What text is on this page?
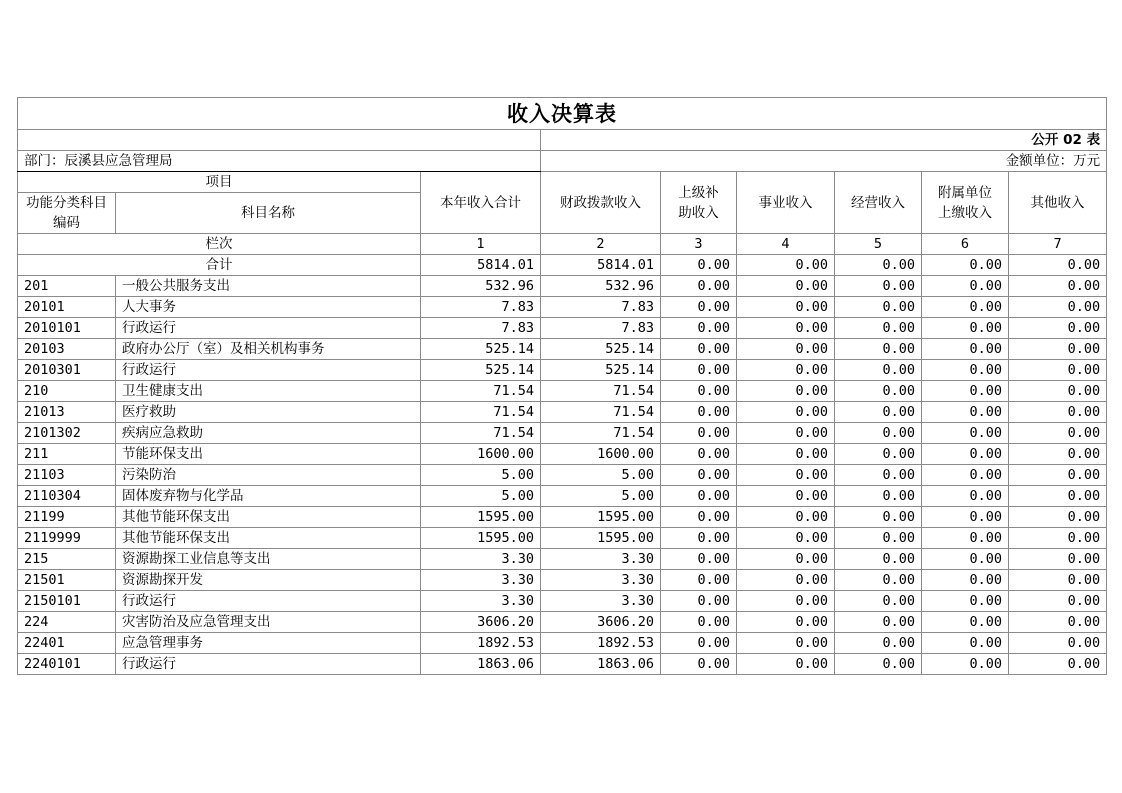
收入决算表								
			公开 02 表					
部门：辰溪县应急管理局			金额单位：万元					
项目		本年收入合计	财政拨款收入	上级补助收入	事业收入	经营收入	附属单位上缴收入	其他收入
功能分类科目编码	科目名称							
栏次		1	2	3	4	5	6	7
合计		5814.01	5814.01	0.00	0.00	0.00	0.00	0.00
201	一般公共服务支出	532.96	532.96	0.00	0.00	0.00	0.00	0.00
20101	人大事务	7.83	7.83	0.00	0.00	0.00	0.00	0.00
2010101	行政运行	7.83	7.83	0.00	0.00	0.00	0.00	0.00
20103	政府办公厅（室）及相关机构事务	525.14	525.14	0.00	0.00	0.00	0.00	0.00
2010301	行政运行	525.14	525.14	0.00	0.00	0.00	0.00	0.00
210	卫生健康支出	71.54	71.54	0.00	0.00	0.00	0.00	0.00
21013	医疗救助	71.54	71.54	0.00	0.00	0.00	0.00	0.00
2101302	疾病应急救助	71.54	71.54	0.00	0.00	0.00	0.00	0.00
211	节能环保支出	1600.00	1600.00	0.00	0.00	0.00	0.00	0.00
21103	污染防治	5.00	5.00	0.00	0.00	0.00	0.00	0.00
2110304	固体废弃物与化学品	5.00	5.00	0.00	0.00	0.00	0.00	0.00
21199	其他节能环保支出	1595.00	1595.00	0.00	0.00	0.00	0.00	0.00
2119999	其他节能环保支出	1595.00	1595.00	0.00	0.00	0.00	0.00	0.00
215	资源勘探工业信息等支出	3.30	3.30	0.00	0.00	0.00	0.00	0.00
21501	资源勘探开发	3.30	3.30	0.00	0.00	0.00	0.00	0.00
2150101	行政运行	3.30	3.30	0.00	0.00	0.00	0.00	0.00
224	灾害防治及应急管理支出	3606.20	3606.20	0.00	0.00	0.00	0.00	0.00
22401	应急管理事务	1892.53	1892.53	0.00	0.00	0.00	0.00	0.00
2240101	行政运行	1863.06	1863.06	0.00	0.00	0.00	0.00	0.00
